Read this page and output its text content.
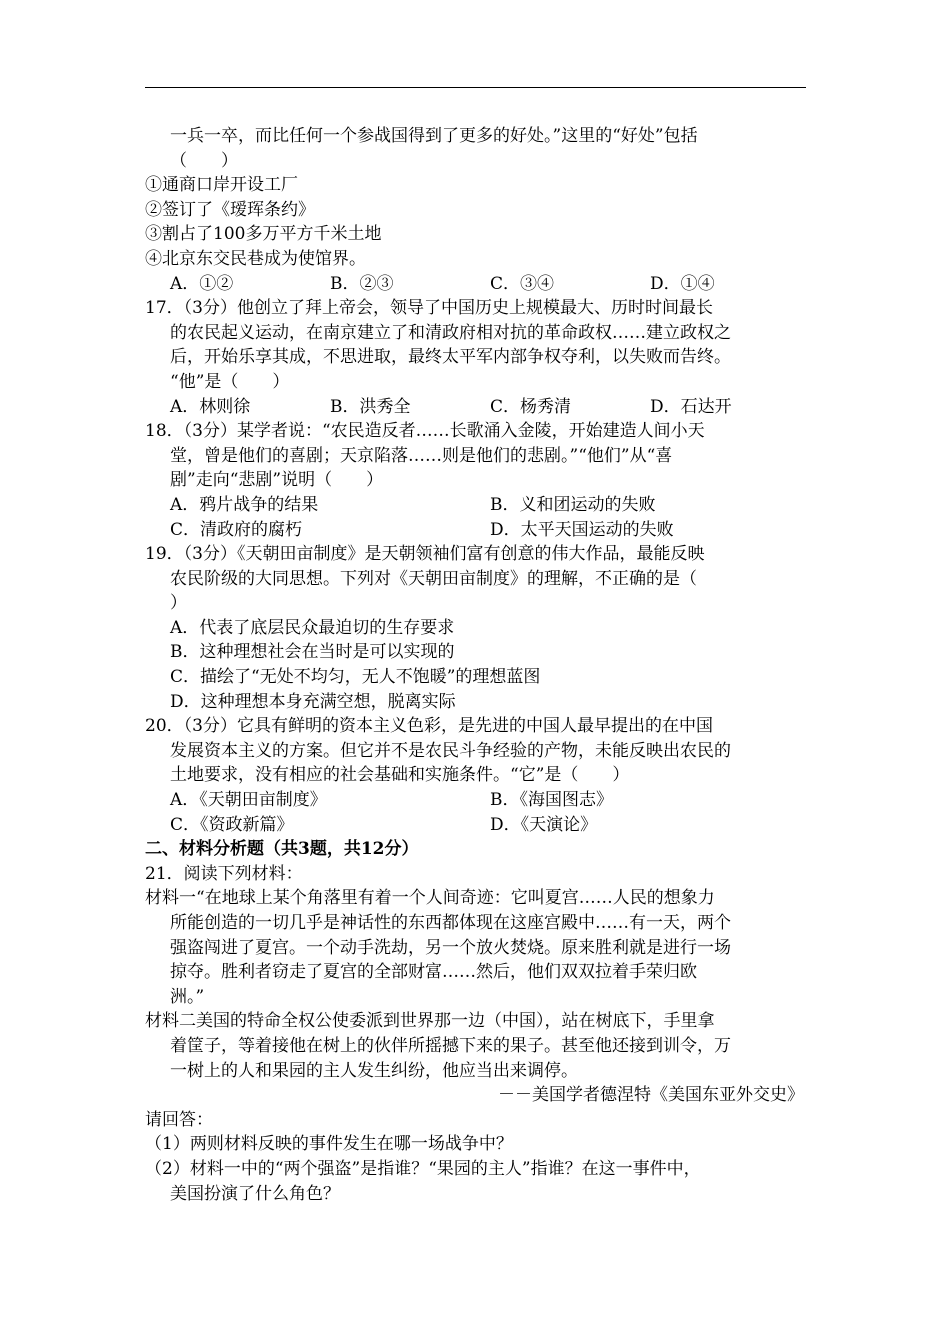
一兵一卒，而比任何一个参战国得到了更多的好处。”这里的“好处”包括
（　　）
①通商口岸开设工厂
②签订了《瑷珲条约》
③割占了100多万平方千米土地
④北京东交民巷成为使馆界。
A．①②	B．②③	C．③④	D．①④
17．（3分）他创立了拜上帝会，领导了中国历史上规模最大、历时时间最长
的农民起义运动，在南京建立了和清政府相对抗的革命政权……建立政权之
后，开始乐享其成，不思进取，最终太平军内部争权夺利，以失败而告终。
“他”是（　　）
A．林则徐	B．洪秀全	C．杨秀清	D．石达开
18．（3分）某学者说：“农民造反者……长歌涌入金陵，开始建造人间小天
堂，曾是他们的喜剧；天京陷落……则是他们的悲剧。”“他们”从“喜
剧”走向“悲剧”说明（　　）
A．鸦片战争的结果	B．义和团运动的失败
C．清政府的腐朽	D．太平天国运动的失败
19．（3分）《天朝田亩制度》是天朝领袖们富有创意的伟大作品，最能反映
农民阶级的大同思想。下列对《天朝田亩制度》的理解，不正确的是（
）
A．代表了底层民众最迫切的生存要求
B．这种理想社会在当时是可以实现的
C．描绘了“无处不均匀，无人不饱暖”的理想蓝图
D．这种理想本身充满空想，脱离实际
20．（3分）它具有鲜明的资本主义色彩，是先进的中国人最早提出的在中国
发展资本主义的方案。但它并不是农民斗争经验的产物，未能反映出农民的
土地要求，没有相应的社会基础和实施条件。“它”是（　　）
A．《天朝田亩制度》	B．《海国图志》
C．《资政新篇》	D．《天演论》
二、材料分析题（共3题，共12分）
21．阅读下列材料：
材料一“在地球上某个角落里有着一个人间奇迹：它叫夏宫……人民的想象力
所能创造的一切几乎是神话性的东西都体现在这座宫殿中……有一天，两个
强盗闯进了夏宫。一个动手洗劫，另一个放火焚烧。原来胜利就是进行一场
掠夺。胜利者窃走了夏宫的全部财富……然后，他们双双拉着手荣归欧
洲。”
材料二美国的特命全权公使委派到世界那一边（中国），站在树底下，手里拿
着筐子，等着接他在树上的伙伴所摇撼下来的果子。甚至他还接到训令，万
一树上的人和果园的主人发生纠纷，他应当出来调停。
－－美国学者德涅特《美国东亚外交史》
请回答：
（1）两则材料反映的事件发生在哪一场战争中？
（2）材料一中的“两个强盗”是指谁？“果园的主人”指谁？在这一事件中，
美国扮演了什么角色？
